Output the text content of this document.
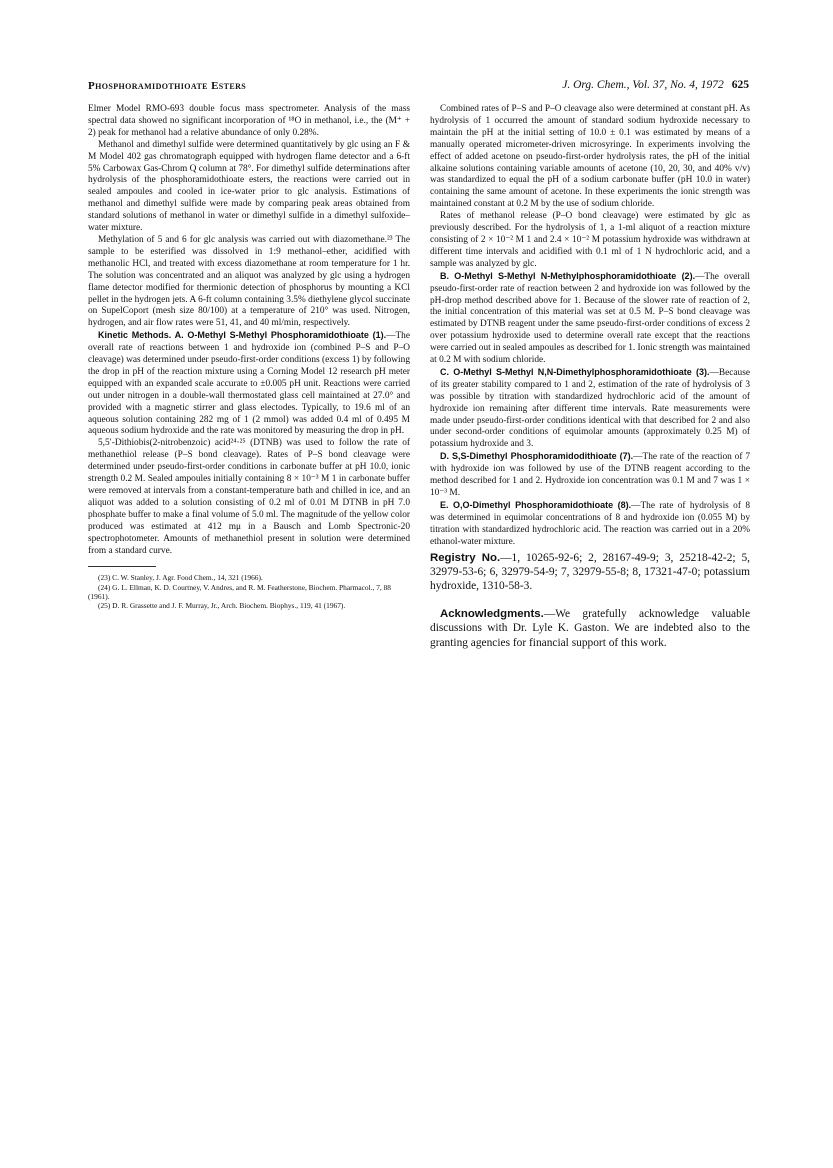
Phosphoramidothioate Esters	J. Org. Chem., Vol. 37, No. 4, 1972 625

Elmer Model RMO-693 double focus mass spectrometer. Analysis of the mass spectral data showed no significant incorporation of ¹⁸O in methanol, i.e., the (M⁺ + 2) peak for methanol had a relative abundance of only 0.28%.

Methanol and dimethyl sulfide were determined quantitatively by glc using an F & M Model 402 gas chromatograph equipped with hydrogen flame detector and a 6-ft 5% Carbowax Gas-Chrom Q column at 78°. For dimethyl sulfide determinations after hydrolysis of the phosphoramidothioate esters, the reactions were carried out in sealed ampoules and cooled in ice-water prior to glc analysis. Estimations of methanol and dimethyl sulfide were made by comparing peak areas obtained from standard solutions of methanol in water or dimethyl sulfide in a dimethyl sulfoxide–water mixture.

Methylation of 5 and 6 for glc analysis was carried out with diazomethane.²³ The sample to be esterified was dissolved in 1:9 methanol–ether, acidified with methanolic HCl, and treated with excess diazomethane at room temperature for 1 hr. The solution was concentrated and an aliquot was analyzed by glc using a hydrogen flame detector modified for thermionic detection of phosphorus by mounting a KCl pellet in the hydrogen jets. A 6-ft column containing 3.5% diethylene glycol succinate on SupelCoport (mesh size 80/100) at a temperature of 210° was used. Nitrogen, hydrogen, and air flow rates were 51, 41, and 40 ml/min, respectively.

Kinetic Methods. A. O-Methyl S-Methyl Phosphoramidothioate (1).—The overall rate of reactions between 1 and hydroxide ion (combined P–S and P–O cleavage) was determined under pseudo-first-order conditions (excess 1) by following the drop in pH of the reaction mixture using a Corning Model 12 research pH meter equipped with an expanded scale accurate to ±0.005 pH unit. Reactions were carried out under nitrogen in a double-wall thermostated glass cell maintained at 27.0° and provided with a magnetic stirrer and glass electodes. Typically, to 19.6 ml of an aqueous solution containing 282 mg of 1 (2 mmol) was added 0.4 ml of 0.495 M aqueous sodium hydroxide and the rate was monitored by measuring the drop in pH.

5,5′-Dithiobis(2-nitrobenzoic) acid²⁴·²⁵ (DTNB) was used to follow the rate of methanethiol release (P–S bond cleavage). Rates of P–S bond cleavage were determined under pseudo-first-order conditions in carbonate buffer at pH 10.0, ionic strength 0.2 M. Sealed ampoules initially containing 8 × 10⁻³ M 1 in carbonate buffer were removed at intervals from a constant-temperature bath and chilled in ice, and an aliquot was added to a solution consisting of 0.2 ml of 0.01 M DTNB in pH 7.0 phosphate buffer to make a final volume of 5.0 ml. The magnitude of the yellow color produced was estimated at 412 mμ in a Bausch and Lomb Spectronic-20 spectrophotometer. Amounts of methanethiol present in solution were determined from a standard curve.

(23) C. W. Stanley, J. Agr. Food Chem., 14, 321 (1966).

(24) G. L. Ellman, K. D. Courtney, V. Andres, and R. M. Featherstone, Biochem. Pharmacol., 7, 88 (1961).

(25) D. R. Grassette and J. F. Murray, Jr., Arch. Biochem. Biophys., 119, 41 (1967).

Combined rates of P–S and P–O cleavage also were determined at constant pH. As hydrolysis of 1 occurred the amount of standard sodium hydroxide necessary to maintain the pH at the initial setting of 10.0 ± 0.1 was estimated by means of a manually operated micrometer-driven microsyringe. In experiments involving the effect of added acetone on pseudo-first-order hydrolysis rates, the pH of the initial alkaine solutions containing variable amounts of acetone (10, 20, 30, and 40% v/v) was standardized to equal the pH of a sodium carbonate buffer (pH 10.0 in water) containing the same amount of acetone. In these experiments the ionic strength was maintained constant at 0.2 M by the use of sodium chloride.

Rates of methanol release (P–O bond cleavage) were estimated by glc as previously described. For the hydrolysis of 1, a 1-ml aliquot of a reaction mixture consisting of 2 × 10⁻² M 1 and 2.4 × 10⁻² M potassium hydroxide was withdrawn at different time intervals and acidified with 0.1 ml of 1 N hydrochloric acid, and a sample was analyzed by glc.

B. O-Methyl S-Methyl N-Methylphosphoramidothioate (2).—The overall pseudo-first-order rate of reaction between 2 and hydroxide ion was followed by the pH-drop method described above for 1. Because of the slower rate of reaction of 2, the initial concentration of this material was set at 0.5 M. P–S bond cleavage was estimated by DTNB reagent under the same pseudo-first-order conditions of excess 2 over potassium hydroxide used to determine overall rate except that the reactions were carried out in sealed ampoules as described for 1. Ionic strength was maintained at 0.2 M with sodium chloride.

C. O-Methyl S-Methyl N,N-Dimethylphosphoramidothioate (3).—Because of its greater stability compared to 1 and 2, estimation of the rate of hydrolysis of 3 was possible by titration with standardized hydrochloric acid of the amount of hydroxide ion remaining after different time intervals. Rate measurements were made under pseudo-first-order conditions identical with that described for 2 and also under second-order conditions of equimolar amounts (approximately 0.25 M) of potassium hydroxide and 3.

D. S,S-Dimethyl Phosphoramidodithioate (7).—The rate of the reaction of 7 with hydroxide ion was followed by use of the DTNB reagent according to the method described for 1 and 2. Hydroxide ion concentration was 0.1 M and 7 was 1 × 10⁻³ M.

E. O,O-Dimethyl Phosphoramidothioate (8).—The rate of hydrolysis of 8 was determined in equimolar concentrations of 8 and hydroxide ion (0.055 M) by titration with standardized hydrochloric acid. The reaction was carried out in a 20% ethanol-water mixture.

Registry No.—1, 10265-92-6; 2, 28167-49-9; 3, 25218-42-2; 5, 32979-53-6; 6, 32979-54-9; 7, 32979-55-8; 8, 17321-47-0; potassium hydroxide, 1310-58-3.
Acknowledgments.—We gratefully acknowledge valuable discussions with Dr. Lyle K. Gaston. We are indebted also to the granting agencies for financial support of this work.
